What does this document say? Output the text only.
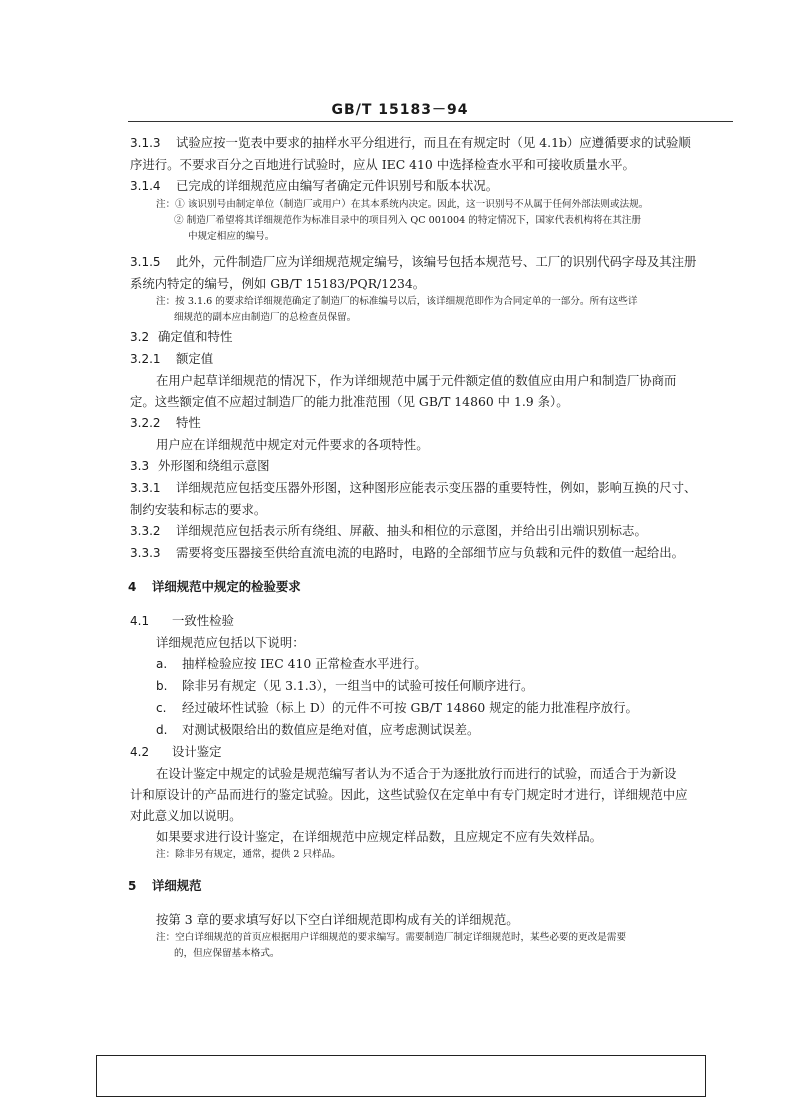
GB/T 15183－94

3.1.3 试验应按一览表中要求的抽样水平分组进行，而且在有规定时（见 4.1b）应遵循要求的试验顺

序进行。不要求百分之百地进行试验时，应从 IEC 410 中选择检查水平和可接收质量水平。

3.1.4 已完成的详细规范应由编写者确定元件识别号和版本状况。

注：① 该识别号由制定单位（制造厂或用户）在其本系统内决定。因此，这一识别号不从属于任何外部法则或法规。

② 制造厂希望将其详细规范作为标准目录中的项目列入 QC 001004 的特定情况下，国家代表机构将在其注册

中规定相应的编号。

3.1.5 此外，元件制造厂应为详细规范规定编号，该编号包括本规范号、工厂的识别代码字母及其注册

系统内特定的编号，例如 GB/T 15183/PQR/1234。

注：按 3.1.6 的要求给详细规范确定了制造厂的标准编号以后，该详细规范即作为合同定单的一部分。所有这些详

细规范的副本应由制造厂的总检查员保留。

3.2 确定值和特性

3.2.1 额定值

在用户起草详细规范的情况下，作为详细规范中属于元件额定值的数值应由用户和制造厂协商而

定。这些额定值不应超过制造厂的能力批准范围（见 GB/T 14860 中 1.9 条）。

3.2.2 特性

用户应在详细规范中规定对元件要求的各项特性。

3.3 外形图和绕组示意图

3.3.1 详细规范应包括变压器外形图，这种图形应能表示变压器的重要特性，例如，影响互换的尺寸、

制约安装和标志的要求。

3.3.2 详细规范应包括表示所有绕组、屏蔽、抽头和相位的示意图，并给出引出端识别标志。

3.3.3 需要将变压器接至供给直流电流的电路时，电路的全部细节应与负载和元件的数值一起给出。

4 详细规范中规定的检验要求

4.1 一致性检验

详细规范应包括以下说明：

a. 抽样检验应按 IEC 410 正常检查水平进行。

b. 除非另有规定（见 3.1.3），一组当中的试验可按任何顺序进行。

c. 经过破坏性试验（标上 D）的元件不可按 GB/T 14860 规定的能力批准程序放行。

d. 对测试极限给出的数值应是绝对值，应考虑测试误差。

4.2 设计鉴定

在设计鉴定中规定的试验是规范编写者认为不适合于为逐批放行而进行的试验，而适合于为新设

计和原设计的产品而进行的鉴定试验。因此，这些试验仅在定单中有专门规定时才进行，详细规范中应

对此意义加以说明。

如果要求进行设计鉴定，在详细规范中应规定样品数，且应规定不应有失效样品。

注：除非另有规定，通常，提供 2 只样品。

5 详细规范

按第 3 章的要求填写好以下空白详细规范即构成有关的详细规范。

注：空白详细规范的首页应根据用户详细规范的要求编写。需要制造厂制定详细规范时，某些必要的更改是需要

的，但应保留基本格式。
